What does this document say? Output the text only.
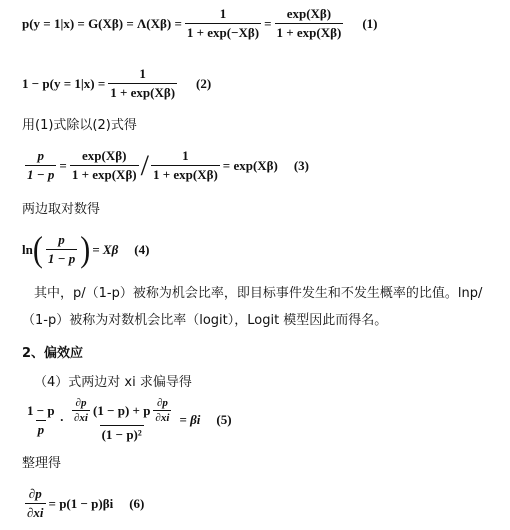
$p(y = 1|x) = G(X\beta) = \Lambda(X\beta) = \frac{1}{1 + \exp(-X\beta)} = \frac{\exp(X\beta)}{1 + \exp(X\beta)} (1)$
$1 - p(y = 1|x) = \frac{1}{1 + \exp(X\beta)} (2)$
用(1)式除以(2)式得
$\frac{p}{1 - p} = \frac{\exp(X\beta)}{1 + \exp(X\beta)} / \frac{1}{1 + \exp(X\beta)} = \exp(X\beta)$ (3)
两边取对数得
ln ( $\frac{p}{1 - p}$ ) = Xβ (4)
其中，p/（1-p）被称为机会比率，即目标事件发生和不发生概率的比值。lnp/（1-p）被称为对数机会比率（logit），Logit 模型因此而得名。
2、偏效应
（4）式两边对 xi 求偏导得
$\frac{1 - p}{p} \cdot \frac{\partial p}{\partial xi} (1 - p) + p \frac{\partial p}{\partial xi}$
(1 − p)²
= βi (5)
整理得
$\frac{\partial p}{\partial xi} = p(1 - p)\beta i$ (6)
